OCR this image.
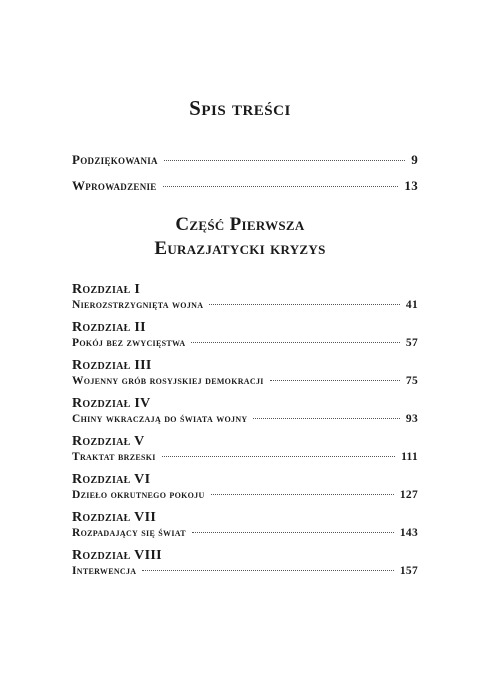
Spis treści
Podziękowania	9
Wprowadzenie	13
Część Pierwsza
Eurazjatycki kryzys
Rozdział I
Nierozstrzygnięta wojna	41
Rozdział II
Pokój bez zwycięstwa	57
Rozdział III
Wojenny grób rosyjskiej demokracji	75
Rozdział IV
Chiny wkraczają do świata wojny	93
Rozdział V
Traktat brzeski	111
Rozdział VI
Dzieło okrutnego pokoju	127
Rozdział VII
Rozpadający się świat	143
Rozdział VIII
Interwencja	157
